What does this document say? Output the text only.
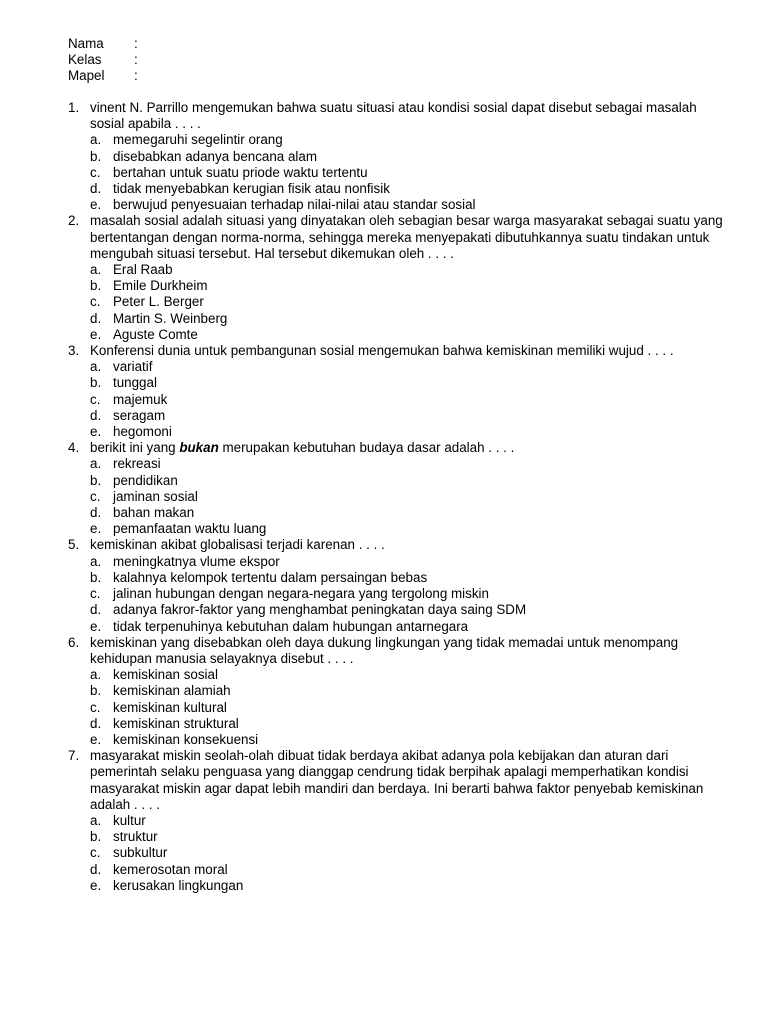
Nama	:
Kelas	:
Mapel	:
1. vinent N. Parrillo mengemukan bahwa suatu situasi atau kondisi sosial dapat disebut sebagai masalah sosial apabila . . . .
a. memegaruhi segelintir orang
b. disebabkan adanya bencana alam
c. bertahan untuk suatu priode waktu tertentu
d. tidak menyebabkan kerugian fisik atau nonfisik
e. berwujud penyesuaian terhadap nilai-nilai atau standar sosial
2. masalah sosial adalah situasi yang dinyatakan oleh sebagian besar warga masyarakat sebagai suatu yang bertentangan dengan norma-norma, sehingga mereka menyepakati dibutuhkannya suatu tindakan untuk mengubah situasi tersebut. Hal tersebut dikemukan oleh . . . .
a. Eral Raab
b. Emile Durkheim
c. Peter L. Berger
d. Martin S. Weinberg
e. Aguste Comte
3. Konferensi dunia untuk pembangunan sosial mengemukan bahwa kemiskinan memiliki wujud . . . .
a. variatif
b. tunggal
c. majemuk
d. seragam
e. hegomoni
4. berikit ini yang bukan merupakan kebutuhan budaya dasar adalah . . . .
a. rekreasi
b. pendidikan
c. jaminan sosial
d. bahan makan
e. pemanfaatan waktu luang
5. kemiskinan akibat globalisasi terjadi karenan . . . .
a. meningkatnya vlume ekspor
b. kalahnya kelompok tertentu dalam persaingan bebas
c. jalinan hubungan dengan negara-negara yang tergolong miskin
d. adanya fakror-faktor yang menghambat peningkatan daya saing SDM
e. tidak terpenuhinya kebutuhan dalam hubungan antarnegara
6. kemiskinan yang disebabkan oleh daya dukung lingkungan yang tidak memadai untuk menompang kehidupan manusia selayaknya disebut . . . .
a. kemiskinan sosial
b. kemiskinan alamiah
c. kemiskinan kultural
d. kemiskinan struktural
e. kemiskinan konsekuensi
7. masyarakat miskin seolah-olah dibuat tidak berdaya akibat adanya pola kebijakan dan aturan dari pemerintah selaku penguasa yang dianggap cendrung tidak berpihak apalagi memperhatikan kondisi masyarakat miskin agar dapat lebih mandiri dan berdaya. Ini berarti bahwa faktor penyebab kemiskinan adalah . . . .
a. kultur
b. struktur
c. subkultur
d. kemerosotan moral
e. kerusakan lingkungan
